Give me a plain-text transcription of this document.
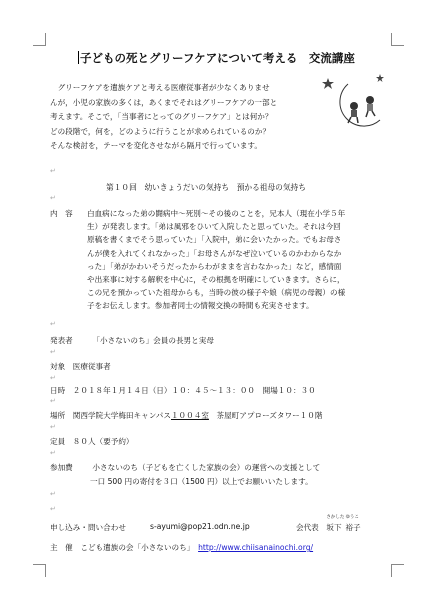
子どもの死とグリーフケアについて考える　交流講座
　グリーフケアを遺族ケアと考える医療従事者が少なくありませ
んが，小児の家族の多くは，あくまでそれはグリーフケアの一部と
考えます。そこで，「当事者にとってのグリーフケア」とは何か？
どの段階で，何を，どのように行うことが求められているのか？
そんな検討を，テーマを変化させながら隔月で行っています。
↵
第１０回　幼いきょうだいの気持ち　預かる祖母の気持ち
↵
内　容 白血病になった弟の闘病中～死別～その後のことを，兄本人（現在小学５年
生）が発表します。「弟は風邪をひいて入院したと思っていた。それは今回
原稿を書くまでそう思っていた」「入院中，弟に会いたかった。でもお母さ
んが僕を入れてくれなかった」「お母さんがなぜ泣いているのかわからなか
った」「弟がかわいそうだったからわがままを言わなかった」など，感情面
や出来事に対する解釈を中心に，その根拠を明確にしていきます。さらに，
この兄を預かっていた祖母からも，当時の彼の様子や娘（病児の母親）の様
子をお伝えします。参加者同士の情報交換の時間も充実させます。
↵
発表者	「小さないのち」会員の長男と実母
↵
対象　 医療従事者
↵
日時　 ２０１８年１月１４日（日）１０：４５～１３：００　開場１０：３０
↵
場所　 関西学院大学梅田キャンパス１００４室　茶屋町アプローズタワー１０階
↵
定員　 ８０人（要予約）
↵
参加費	小さないのち（子どもを亡くした家族の会）の運営への支援として
一口 500 円の寄付を３口（1500 円）以上でお願いいたします。
↵
↵
申し込み・問い合わせ	s-ayumi@pop21.odn.ne.jp	会代表　
さかした
坂下 
ゆうこ
裕子
主　催　 こども遺族の会「小さないのち」  http://www.chiisanainochi.org/
